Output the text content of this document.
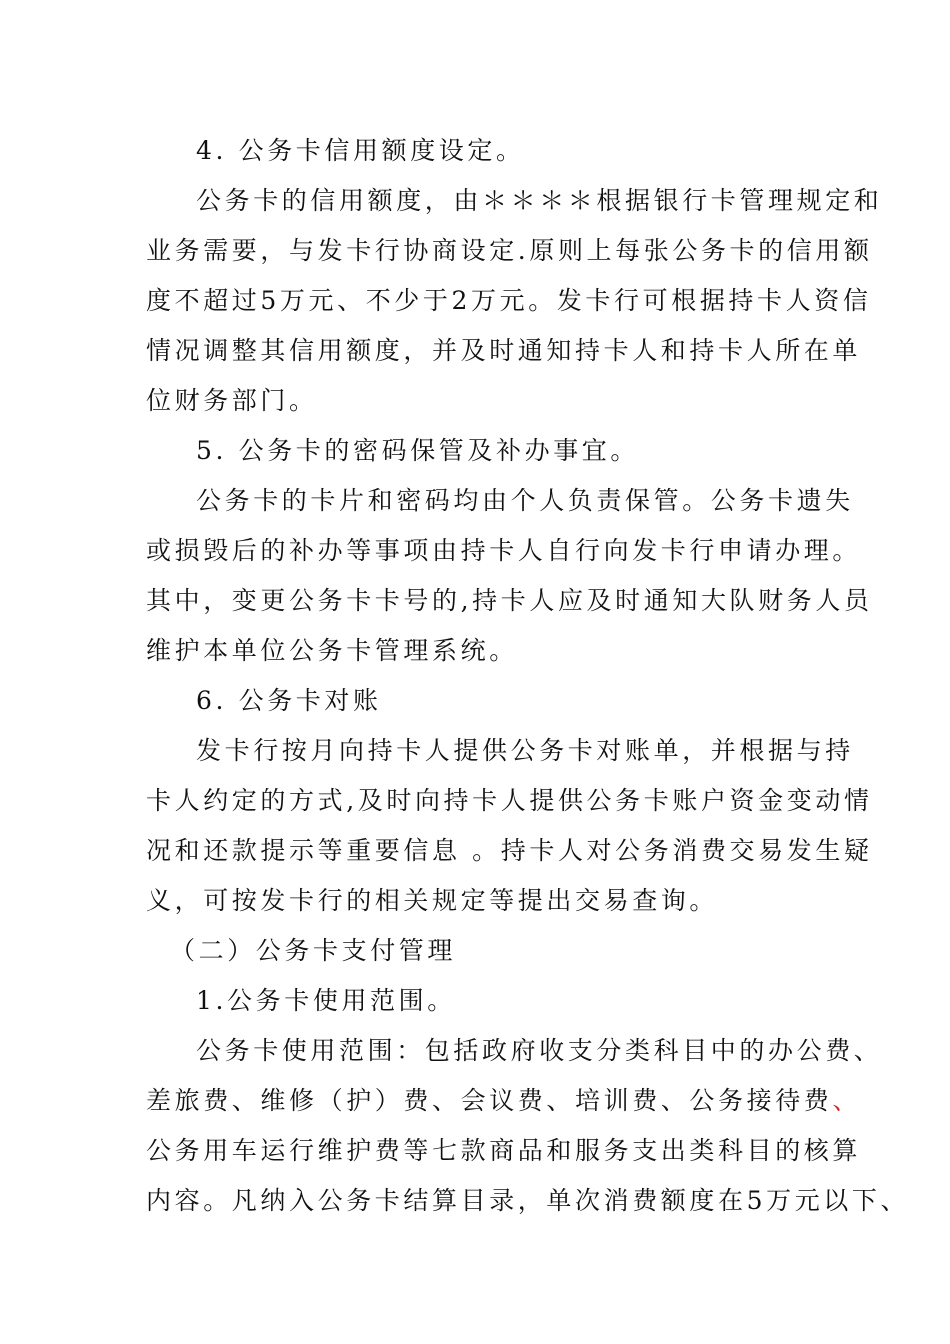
4. 公务卡信用额度设定。
公务卡的信用额度，由＊＊＊＊根据银行卡管理规定和
业务需要，与发卡行协商设定.原则上每张公务卡的信用额
度不超过5万元、不少于2万元。发卡行可根据持卡人资信
情况调整其信用额度，并及时通知持卡人和持卡人所在单
位财务部门。
5. 公务卡的密码保管及补办事宜。
公务卡的卡片和密码均由个人负责保管。公务卡遗失
或损毁后的补办等事项由持卡人自行向发卡行申请办理。
其中，变更公务卡卡号的,持卡人应及时通知大队财务人员
维护本单位公务卡管理系统。
6. 公务卡对账
发卡行按月向持卡人提供公务卡对账单，并根据与持
卡人约定的方式,及时向持卡人提供公务卡账户资金变动情
况和还款提示等重要信息 。持卡人对公务消费交易发生疑
义，可按发卡行的相关规定等提出交易查询。
（二）公务卡支付管理
1.公务卡使用范围。
公务卡使用范围：包括政府收支分类科目中的办公费、
差旅费、维修（护）费、会议费、培训费、公务接待费、
公务用车运行维护费等七款商品和服务支出类科目的核算
内容。凡纳入公务卡结算目录，单次消费额度在5万元以下、
